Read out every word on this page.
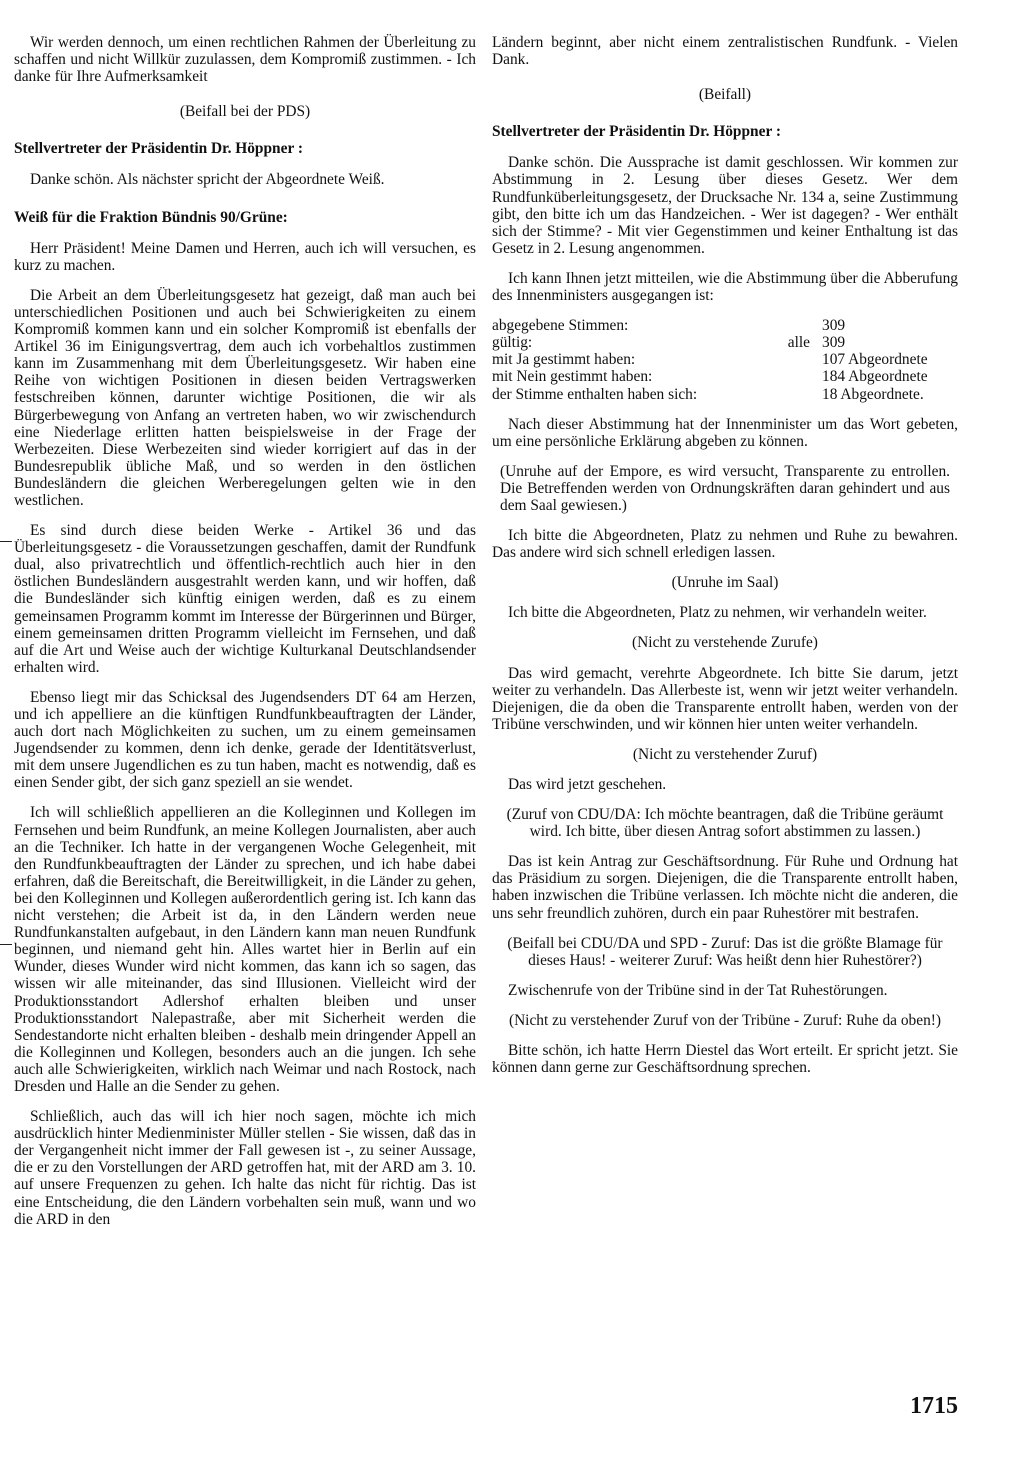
Wir werden dennoch, um einen rechtlichen Rahmen der Überleitung zu schaffen und nicht Willkür zuzulassen, dem Kompromiß zustimmen. - Ich danke für Ihre Aufmerksamkeit

(Beifall bei der PDS)
Stellvertreter der Präsidentin Dr. Höppner :

Danke schön. Als nächster spricht der Abgeordnete Weiß.

Weiß für die Fraktion Bündnis 90/Grüne:

Herr Präsident! Meine Damen und Herren, auch ich will versuchen, es kurz zu machen.

Die Arbeit an dem Überleitungsgesetz hat gezeigt, daß man auch bei unterschiedlichen Positionen und auch bei Schwierigkeiten zu einem Kompromiß kommen kann und ein solcher Kompromiß ist ebenfalls der Artikel 36 im Einigungsvertrag, dem auch ich vorbehaltlos zustimmen kann im Zusammenhang mit dem Überleitungsgesetz. Wir haben eine Reihe von wichtigen Positionen in diesen beiden Vertragswerken festschreiben können, darunter wichtige Positionen, die wir als Bürgerbewegung von Anfang an vertreten haben, wo wir zwischendurch eine Niederlage erlitten hatten beispielsweise in der Frage der Werbezeiten. Diese Werbezeiten sind wieder korrigiert auf das in der Bundesrepublik übliche Maß, und so werden in den östlichen Bundesländern die gleichen Werberegelungen gelten wie in den westlichen.

Es sind durch diese beiden Werke - Artikel 36 und das Überleitungsgesetz - die Voraussetzungen geschaffen, damit der Rundfunk dual, also privatrechtlich und öffentlich-rechtlich auch hier in den östlichen Bundesländern ausgestrahlt werden kann, und wir hoffen, daß die Bundesländer sich künftig einigen werden, daß es zu einem gemeinsamen Programm kommt im Interesse der Bürgerinnen und Bürger, einem gemeinsamen dritten Programm vielleicht im Fernsehen, und daß auf die Art und Weise auch der wichtige Kulturkanal Deutschlandsender erhalten wird.

Ebenso liegt mir das Schicksal des Jugendsenders DT 64 am Herzen, und ich appelliere an die künftigen Rundfunkbeauftragten der Länder, auch dort nach Möglichkeiten zu suchen, um zu einem gemeinsamen Jugendsender zu kommen, denn ich denke, gerade der Identitätsverlust, mit dem unsere Jugendlichen es zu tun haben, macht es notwendig, daß es einen Sender gibt, der sich ganz speziell an sie wendet.

Ich will schließlich appellieren an die Kolleginnen und Kollegen im Fernsehen und beim Rundfunk, an meine Kollegen Journalisten, aber auch an die Techniker. Ich hatte in der vergangenen Woche Gelegenheit, mit den Rundfunkbeauftragten der Länder zu sprechen, und ich habe dabei erfahren, daß die Bereitschaft, die Bereitwilligkeit, in die Länder zu gehen, bei den Kolleginnen und Kollegen außerordentlich gering ist. Ich kann das nicht verstehen; die Arbeit ist da, in den Ländern werden neue Rundfunkanstalten aufgebaut, in den Ländern kann man neuen Rundfunk beginnen, und niemand geht hin. Alles wartet hier in Berlin auf ein Wunder, dieses Wunder wird nicht kommen, das kann ich so sagen, das wissen wir alle miteinander, das sind Illusionen. Vielleicht wird der Produktionsstandort Adlershof erhalten bleiben und unser Produktionsstandort Nalepastraße, aber mit Sicherheit werden die Sendestandorte nicht erhalten bleiben - deshalb mein dringender Appell an die Kolleginnen und Kollegen, besonders auch an die jungen. Ich sehe auch alle Schwierigkeiten, wirklich nach Weimar und nach Rostock, nach Dresden und Halle an die Sender zu gehen.

Schließlich, auch das will ich hier noch sagen, möchte ich mich ausdrücklich hinter Medienminister Müller stellen - Sie wissen, daß das in der Vergangenheit nicht immer der Fall gewesen ist -, zu seiner Aussage, die er zu den Vorstellungen der ARD getroffen hat, mit der ARD am 3. 10. auf unsere Frequenzen zu gehen. Ich halte das nicht für richtig. Das ist eine Entscheidung, die den Ländern vorbehalten sein muß, wann und wo die ARD in den

Ländern beginnt, aber nicht einem zentralistischen Rundfunk. - Vielen Dank.

(Beifall)
Stellvertreter der Präsidentin Dr. Höppner :

Danke schön. Die Aussprache ist damit geschlossen. Wir kommen zur Abstimmung in 2. Lesung über dieses Gesetz. Wer dem Rundfunküberleitungsgesetz, der Drucksache Nr. 134 a, seine Zustimmung gibt, den bitte ich um das Handzeichen. - Wer ist dagegen? - Wer enthält sich der Stimme? - Mit vier Gegenstimmen und keiner Enthaltung ist das Gesetz in 2. Lesung angenommen.

Ich kann Ihnen jetzt mitteilen, wie die Abstimmung über die Abberufung des Innenministers ausgegangen ist:

abgegebene Stimmen:	309
gültig:	alle 309
mit Ja gestimmt haben:	107 Abgeordnete
mit Nein gestimmt haben:	184 Abgeordnete
der Stimme enthalten haben sich:	18 Abgeordnete.

Nach dieser Abstimmung hat der Innenminister um das Wort gebeten, um eine persönliche Erklärung abgeben zu können.

(Unruhe auf der Empore, es wird versucht, Transparente zu entrollen. Die Betreffenden werden von Ordnungskräften daran gehindert und aus dem Saal gewiesen.)

Ich bitte die Abgeordneten, Platz zu nehmen und Ruhe zu bewahren. Das andere wird sich schnell erledigen lassen.

(Unruhe im Saal)

Ich bitte die Abgeordneten, Platz zu nehmen, wir verhandeln weiter.

(Nicht zu verstehende Zurufe)

Das wird gemacht, verehrte Abgeordnete. Ich bitte Sie darum, jetzt weiter zu verhandeln. Das Allerbeste ist, wenn wir jetzt weiter verhandeln. Diejenigen, die da oben die Transparente entrollt haben, werden von der Tribüne verschwinden, und wir können hier unten weiter verhandeln.

(Nicht zu verstehender Zuruf)

Das wird jetzt geschehen.

(Zuruf von CDU/DA: Ich möchte beantragen, daß die Tribüne geräumt wird. Ich bitte, über diesen Antrag sofort abstimmen zu lassen.)

Das ist kein Antrag zur Geschäftsordnung. Für Ruhe und Ordnung hat das Präsidium zu sorgen. Diejenigen, die die Transparente entrollt haben, haben inzwischen die Tribüne verlassen. Ich möchte nicht die anderen, die uns sehr freundlich zuhören, durch ein paar Ruhestörer mit bestrafen.

(Beifall bei CDU/DA und SPD - Zuruf: Das ist die größte Blamage für dieses Haus! - weiterer Zuruf: Was heißt denn hier Ruhestörer?)

Zwischenrufe von der Tribüne sind in der Tat Ruhestörungen.

(Nicht zu verstehender Zuruf von der Tribüne - Zuruf: Ruhe da oben!)

Bitte schön, ich hatte Herrn Diestel das Wort erteilt. Er spricht jetzt. Sie können dann gerne zur Geschäftsordnung sprechen.

1715
